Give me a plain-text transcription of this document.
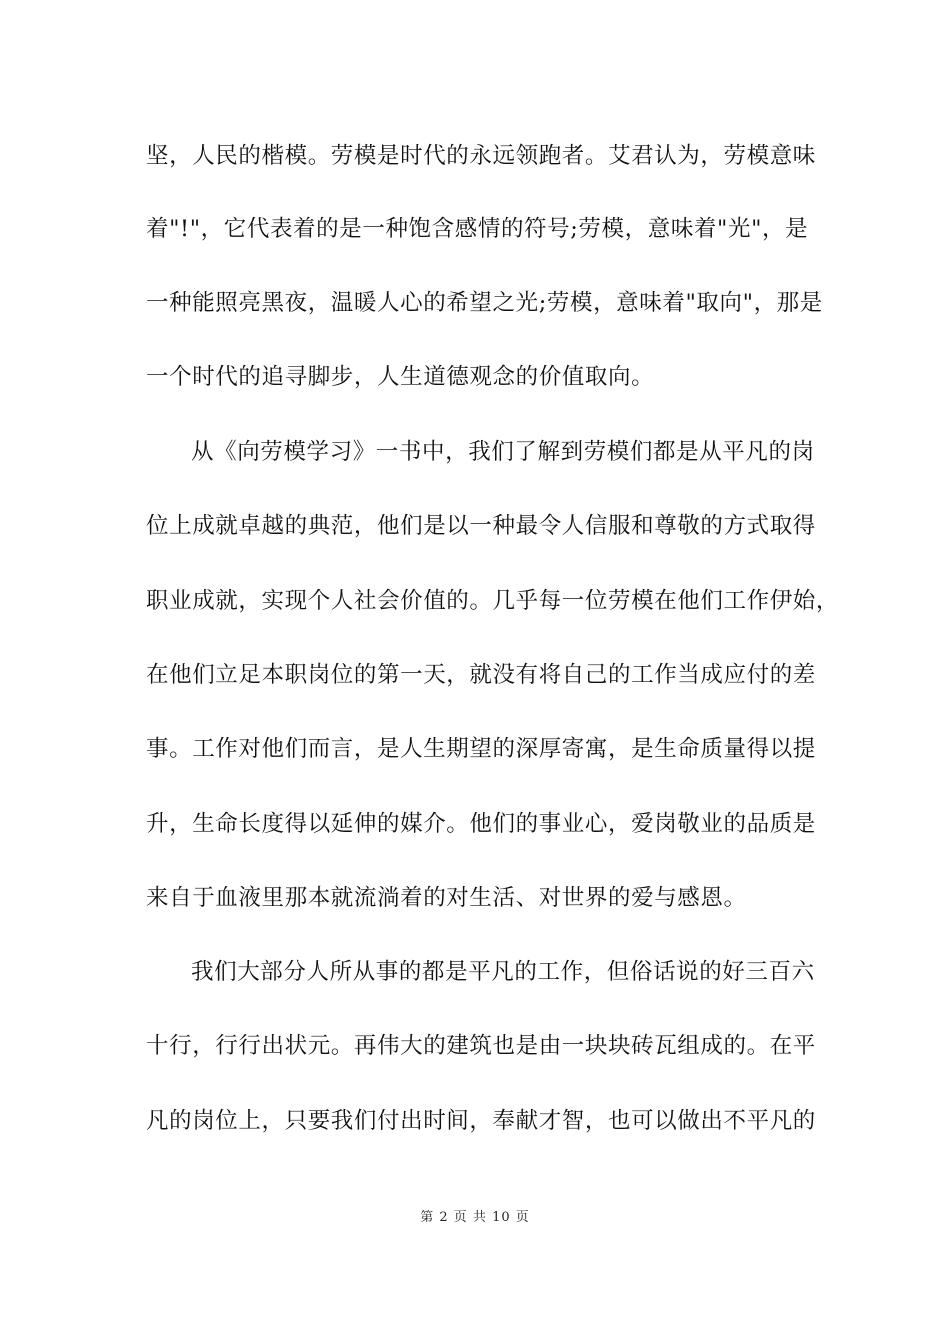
坚，人民的楷模。劳模是时代的永远领跑者。艾君认为，劳模意味
着"!"，它代表着的是一种饱含感情的符号;劳模，意味着"光"，是
一种能照亮黑夜，温暖人心的希望之光;劳模，意味着"取向"，那是
一个时代的追寻脚步，人生道德观念的价值取向。
从《向劳模学习》一书中，我们了解到劳模们都是从平凡的岗
位上成就卓越的典范，他们是以一种最令人信服和尊敬的方式取得
职业成就，实现个人社会价值的。几乎每一位劳模在他们工作伊始，
在他们立足本职岗位的第一天，就没有将自己的工作当成应付的差
事。工作对他们而言，是人生期望的深厚寄寓，是生命质量得以提
升，生命长度得以延伸的媒介。他们的事业心，爱岗敬业的品质是
来自于血液里那本就流淌着的对生活、对世界的爱与感恩。
我们大部分人所从事的都是平凡的工作，但俗话说的好三百六
十行，行行出状元。再伟大的建筑也是由一块块砖瓦组成的。在平
凡的岗位上，只要我们付出时间，奉献才智，也可以做出不平凡的
第 2 页 共 10 页
